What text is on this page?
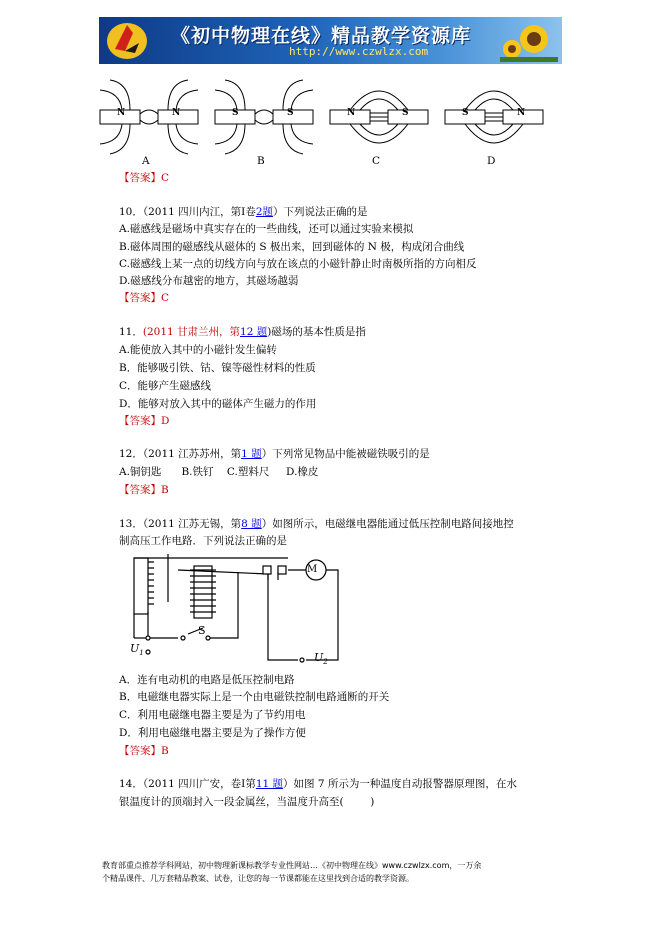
《初中物理在线》精品教学资源库
http://www.czwlzx.com
N	N	S	S	N	S	S	N
A	B	C	D
【答案】C
10．（2011 四川内江，第Ⅰ卷2题）下列说法正确的是
A.磁感线是磁场中真实存在的一些曲线，还可以通过实验来模拟
B.磁体周围的磁感线从磁体的 S 极出来，回到磁体的 N 极，构成闭合曲线
C.磁感线上某一点的切线方向与放在该点的小磁针静止时南极所指的方向相反
D.磁感线分布越密的地方，其磁场越弱
【答案】C
11．(2011 甘肃兰州，第12 题)磁场的基本性质是指
A.能使放入其中的小磁针发生偏转
B．能够吸引铁、钴、镍等磁性材料的性质
C．能够产生磁感线
D．能够对放入其中的磁体产生磁力的作用
【答案】D
12．（2011 江苏苏州，第1 题）下列常见物品中能被磁铁吸引的是
A.铜钥匙      B.铁钉    C.塑料尺     D.橡皮
【答案】B
13．（2011 江苏无锡，第8 题）如图所示，电磁继电器能通过低压控制电路间接地控
制高压工作电路．下列说法正确的是
M
S
$U_1$	$U_2$
A．连有电动机的电路是低压控制电路
B．电磁继电器实际上是一个由电磁铁控制电路通断的开关
C．利用电磁继电器主要是为了节约用电
D．利用电磁继电器主要是为了操作方便
【答案】B
14．（2011 四川广安，卷Ⅰ第11 题）如图 7 所示为一种温度自动报警器原理图，在水
银温度计的顶端封入一段金属丝，当温度升高至(        )
教育部重点推荐学科网站，初中物理新课标教学专业性网站…《初中物理在线》www.czwlzx.com，一万余
个精品课件、几万套精品教案、试卷，让您的每一节课都能在这里找到合适的教学资源。
